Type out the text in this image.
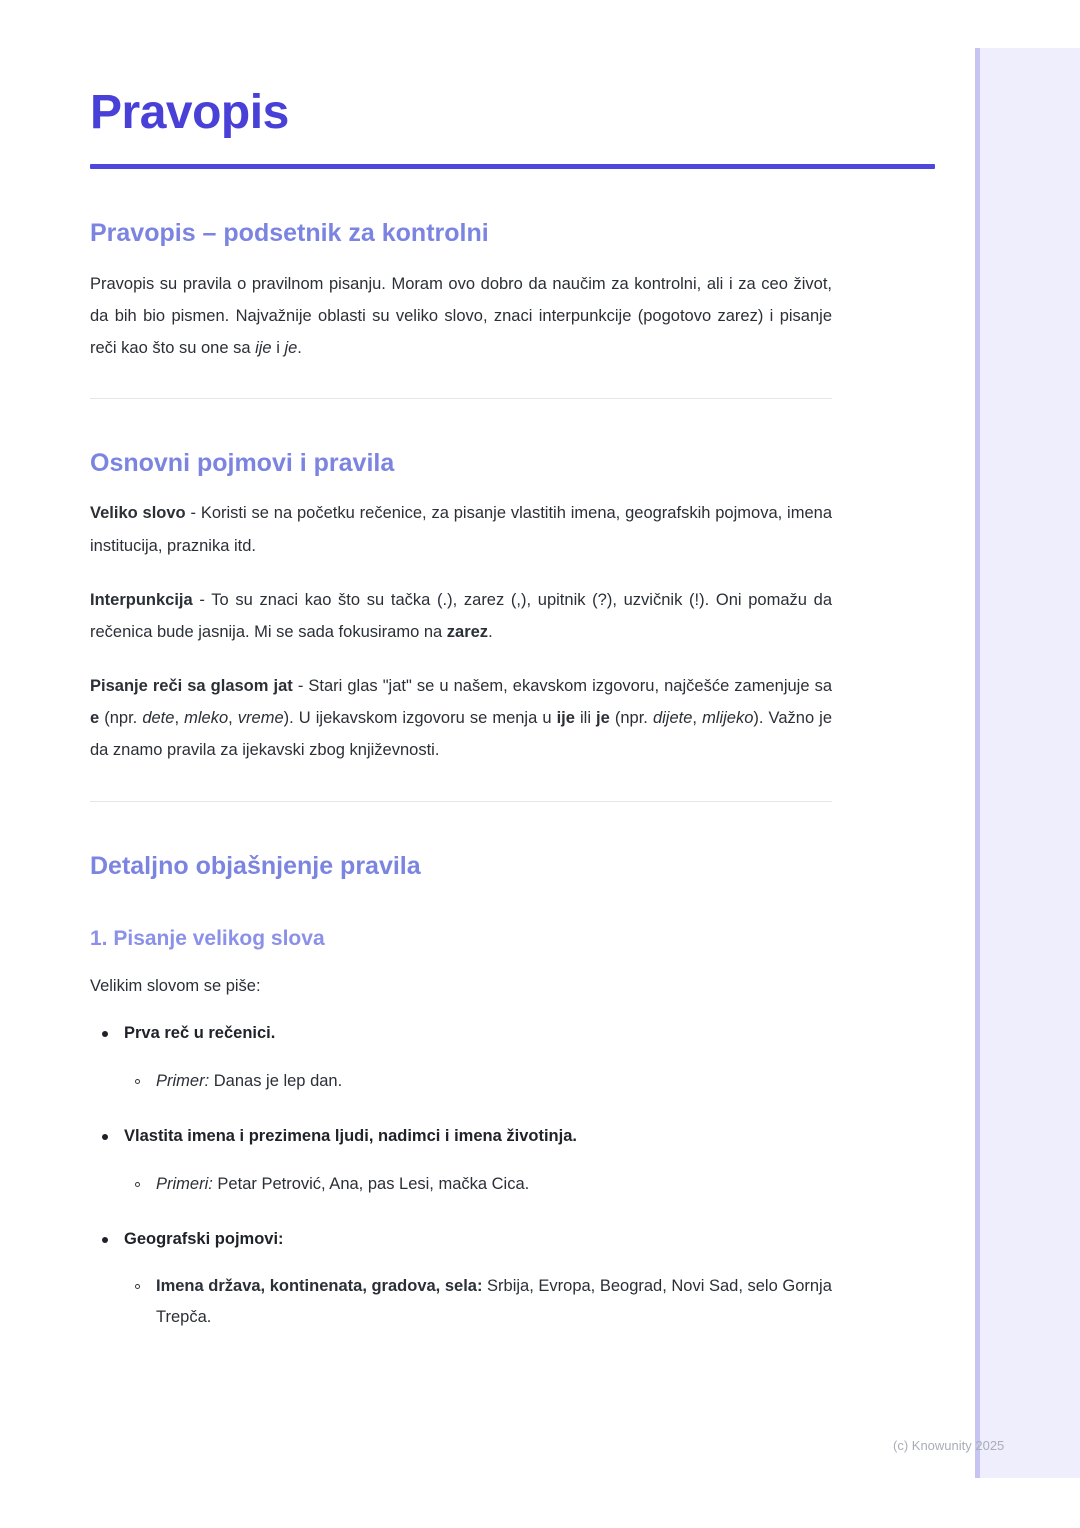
Pravopis
Pravopis – podsetnik za kontrolni

Pravopis su pravila o pravilnom pisanju. Moram ovo dobro da naučim za kontrolni, ali i za ceo život, da bih bio pismen. Najvažnije oblasti su veliko slovo, znaci interpunkcije (pogotovo zarez) i pisanje reči kao što su one sa ije i je.

Osnovni pojmovi i pravila

Veliko slovo - Koristi se na početku rečenice, za pisanje vlastitih imena, geografskih pojmova, imena institucija, praznika itd.

Interpunkcija - To su znaci kao što su tačka (.), zarez (,), upitnik (?), uzvičnik (!). Oni pomažu da rečenica bude jasnija. Mi se sada fokusiramo na zarez.

Pisanje reči sa glasom jat - Stari glas "jat" se u našem, ekavskom izgovoru, najčešće zamenjuje sa e (npr. dete, mleko, vreme). U ijekavskom izgovoru se menja u ije ili je (npr. dijete, mlijeko). Važno je da znamo pravila za ijekavski zbog književnosti.

Detaljno objašnjenje pravila
1. Pisanje velikog slova

Velikim slovom se piše:

Prva reč u rečenici.
Primer: Danas je lep dan.
Vlastita imena i prezimena ljudi, nadimci i imena životinja.
Primeri: Petar Petrović, Ana, pas Lesi, mačka Cica.
Geografski pojmovi:
Imena država, kontinenata, gradova, sela: Srbija, Evropa, Beograd, Novi Sad, selo Gornja Trepča.
(c) Knowunity 2025
